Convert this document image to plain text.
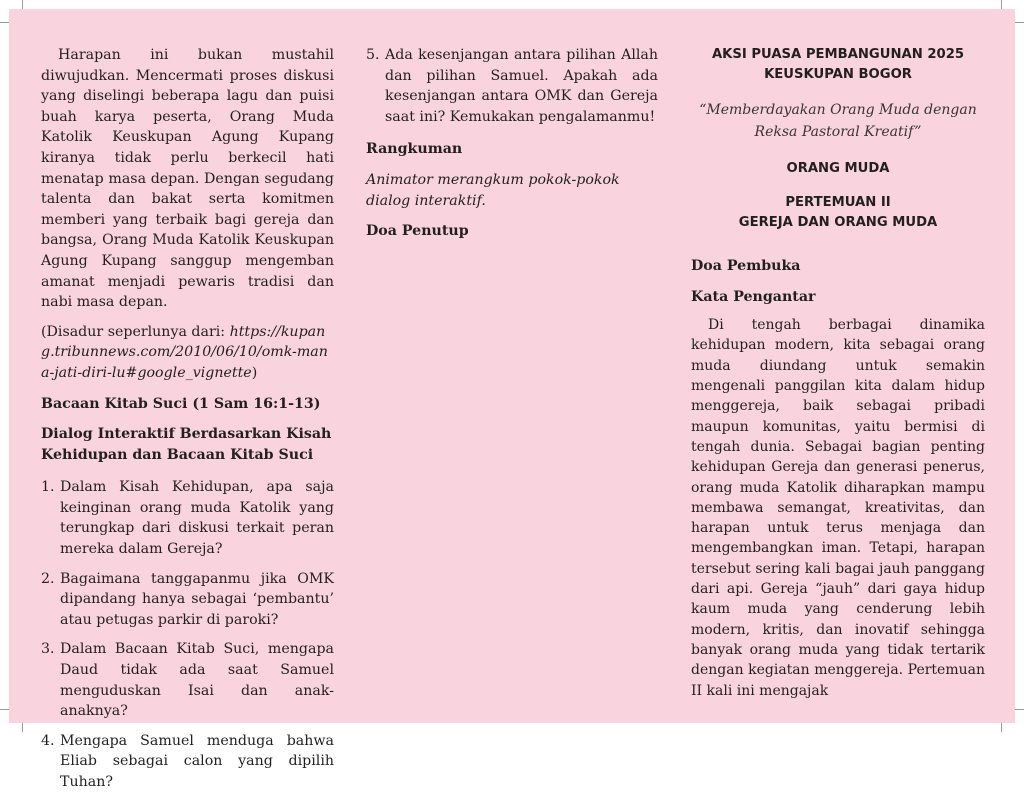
Harapan ini bukan mustahil diwujudkan. Mencermati proses diskusi yang diselingi beberapa lagu dan puisi buah karya peserta, Orang Muda Katolik Keuskupan Agung Kupang kiranya tidak perlu berkecil hati menatap masa depan. Dengan segudang talenta dan bakat serta komitmen memberi yang terbaik bagi gereja dan bangsa, Orang Muda Katolik Keuskupan Agung Kupang sanggup mengemban amanat menjadi pewaris tradisi dan nabi masa depan.

(Disadur seperlunya dari: https://kupang.tribunnews.com/2010/06/10/omk-mana-jati-diri-lu#google_vignette)

Bacaan Kitab Suci (1 Sam 16:1-13)

Dialog Interaktif Berdasarkan Kisah Kehidupan dan Bacaan Kitab Suci

1. Dalam Kisah Kehidupan, apa saja keinginan orang muda Katolik yang terungkap dari diskusi terkait peran mereka dalam Gereja?
2. Bagaimana tanggapanmu jika OMK dipandang hanya sebagai ‘pembantu’ atau petugas parkir di paroki?
3. Dalam Bacaan Kitab Suci, mengapa Daud tidak ada saat Samuel menguduskan Isai dan anak-anaknya?
4. Mengapa Samuel menduga bahwa Eliab sebagai calon yang dipilih Tuhan?
5. Ada kesenjangan antara pilihan Allah dan pilihan Samuel. Apakah ada kesenjangan antara OMK dan Gereja saat ini? Kemukakan pengalamanmu!

Rangkuman

Animator merangkum pokok-pokok dialog interaktif.

Doa Penutup

AKSI PUASA PEMBANGUNAN 2025
KEUSKUPAN BOGOR
“Memberdayakan Orang Muda dengan Reksa Pastoral Kreatif”
ORANG MUDA
PERTEMUAN II
GEREJA DAN ORANG MUDA

Doa Pembuka

Kata Pengantar

Di tengah berbagai dinamika kehidupan modern, kita sebagai orang muda diundang untuk semakin mengenali panggilan kita dalam hidup menggereja, baik sebagai pribadi maupun komunitas, yaitu bermisi di tengah dunia. Sebagai bagian penting kehidupan Gereja dan generasi penerus, orang muda Katolik diharapkan mampu membawa semangat, kreativitas, dan harapan untuk terus menjaga dan mengembangkan iman. Tetapi, harapan tersebut sering kali bagai jauh panggang dari api. Gereja “jauh” dari gaya hidup kaum muda yang cenderung lebih modern, kritis, dan inovatif sehingga banyak orang muda yang tidak tertarik dengan kegiatan menggereja. Pertemuan II kali ini mengajak
